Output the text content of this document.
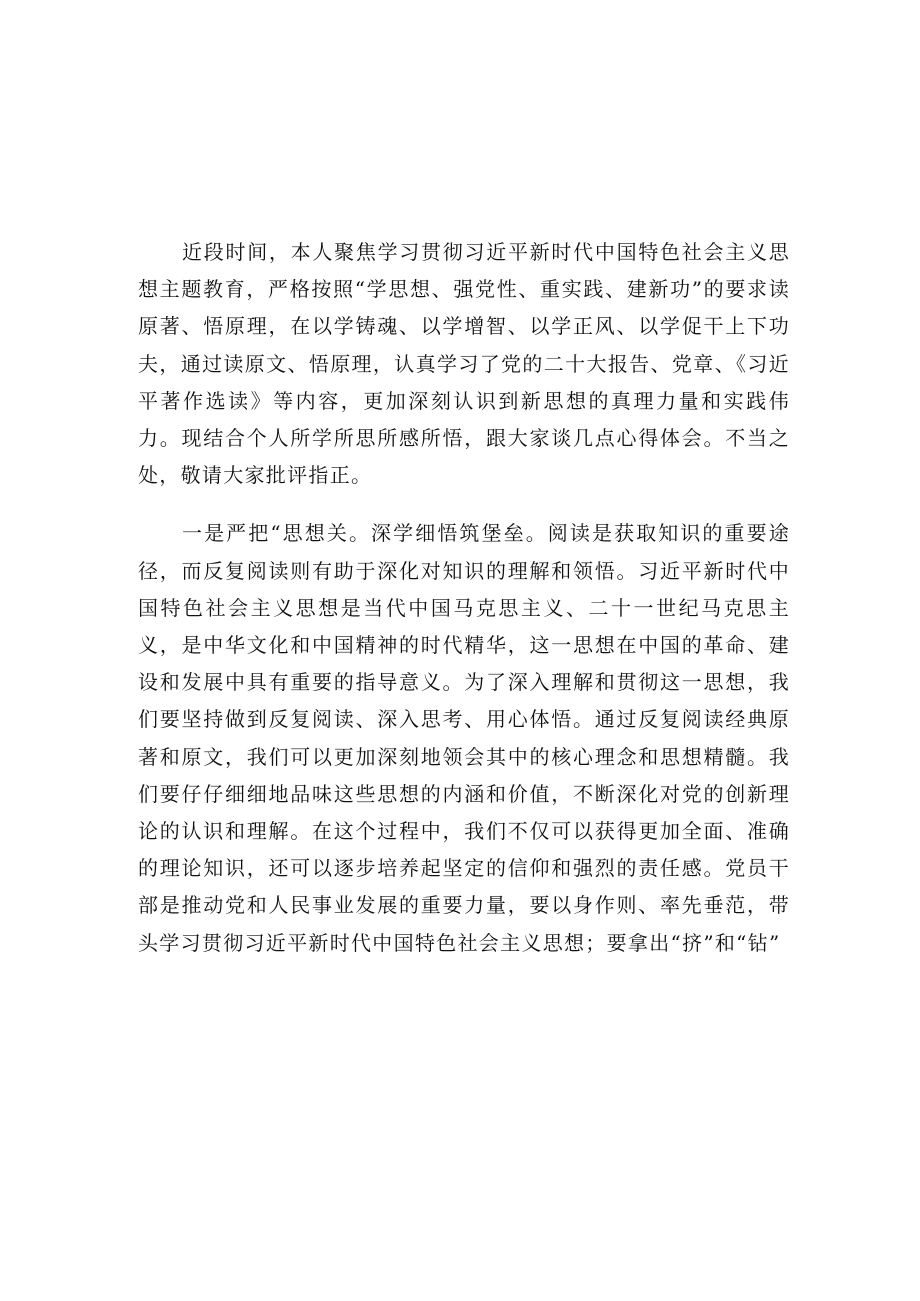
近段时间，本人聚焦学习贯彻习近平新时代中国特色社会主义思想主题教育，严格按照“学思想、强党性、重实践、建新功”的要求读原著、悟原理，在以学铸魂、以学增智、以学正风、以学促干上下功夫，通过读原文、悟原理，认真学习了党的二十大报告、党章、《习近平著作选读》等内容，更加深刻认识到新思想的真理力量和实践伟力。现结合个人所学所思所感所悟，跟大家谈几点心得体会。不当之处，敬请大家批评指正。

一是严把“思想关。深学细悟筑堡垒。阅读是获取知识的重要途径，而反复阅读则有助于深化对知识的理解和领悟。习近平新时代中国特色社会主义思想是当代中国马克思主义、二十一世纪马克思主义，是中华文化和中国精神的时代精华，这一思想在中国的革命、建设和发展中具有重要的指导意义。为了深入理解和贯彻这一思想，我们要坚持做到反复阅读、深入思考、用心体悟。通过反复阅读经典原著和原文，我们可以更加深刻地领会其中的核心理念和思想精髓。我们要仔仔细细地品味这些思想的内涵和价值，不断深化对党的创新理论的认识和理解。在这个过程中，我们不仅可以获得更加全面、准确的理论知识，还可以逐步培养起坚定的信仰和强烈的责任感。党员干部是推动党和人民事业发展的重要力量，要以身作则、率先垂范，带头学习贯彻习近平新时代中国特色社会主义思想；要拿出“挤”和“钻”
